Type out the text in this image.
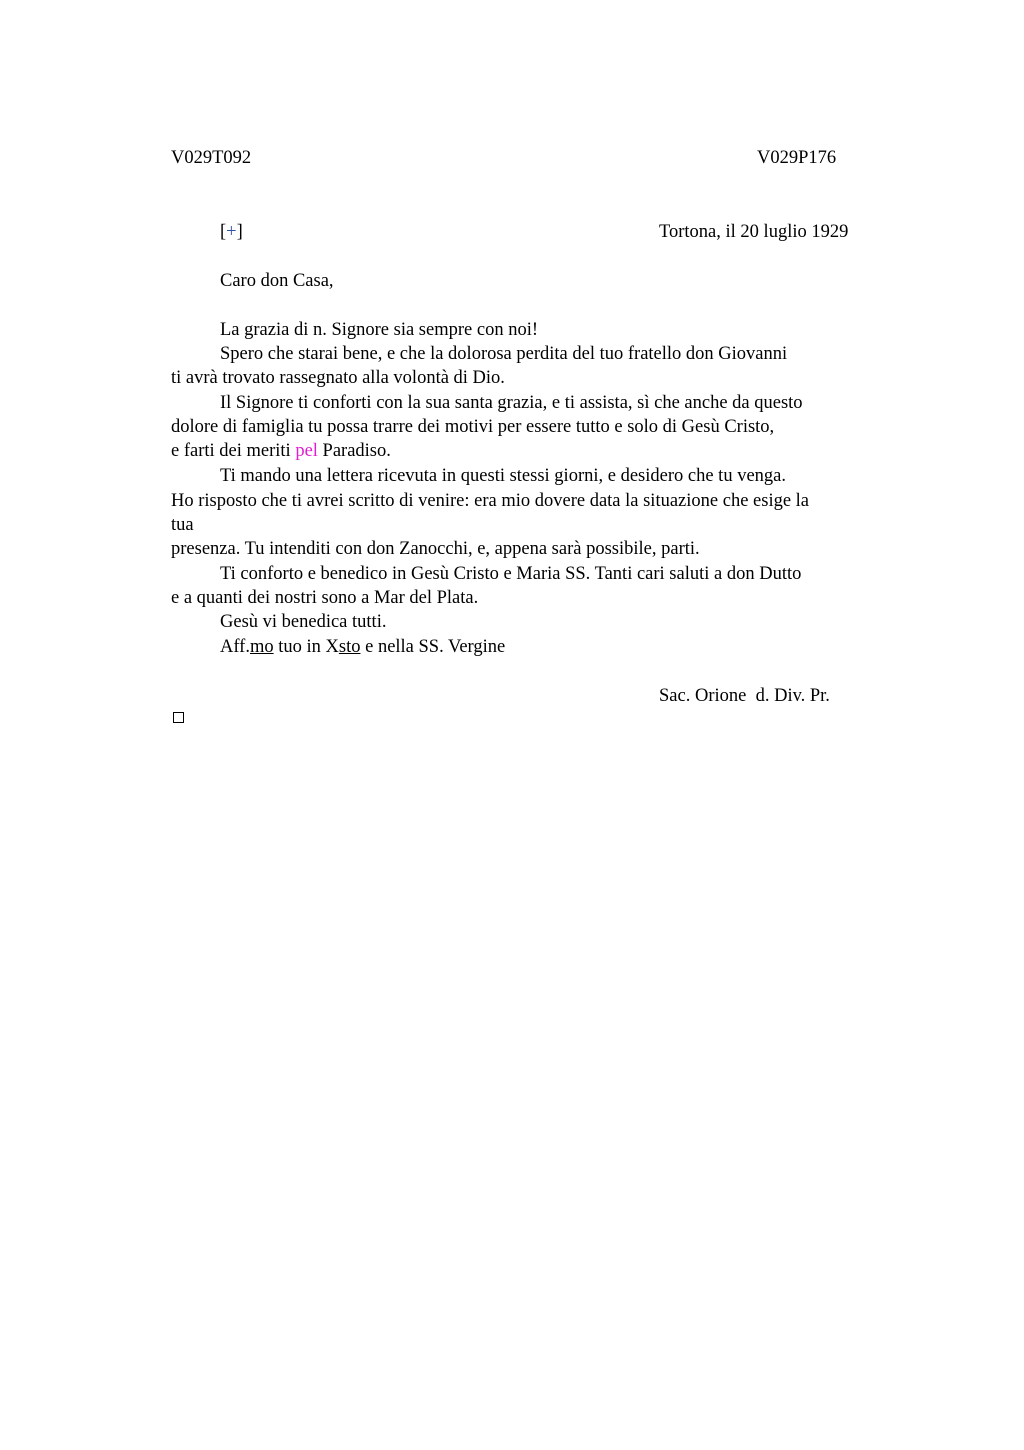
V029T092	V029P176
[+]	Tortona, il 20 luglio 1929
Caro don Casa,
La grazia di n. Signore sia sempre con noi!
Spero che starai bene, e che la dolorosa perdita del tuo fratello don Giovanni
ti avrà trovato rassegnato alla volontà di Dio.
Il Signore ti conforti con la sua santa grazia, e ti assista, sì che anche da questo
dolore di famiglia tu possa trarre dei motivi per essere tutto e solo di Gesù Cristo,
e farti dei meriti pel Paradiso.
Ti mando una lettera ricevuta in questi stessi giorni, e desidero che tu venga.
Ho risposto che ti avrei scritto di venire: era mio dovere data la situazione che esige la
tua
presenza. Tu intenditi con don Zanocchi, e, appena sarà possibile, parti.
Ti conforto e benedico in Gesù Cristo e Maria SS. Tanti cari saluti a don Dutto
e a quanti dei nostri sono a Mar del Plata.
Gesù vi benedica tutti.
Aff.mo tuo in Xsto e nella SS. Vergine
Sac. Orione  d. Div. Pr.
